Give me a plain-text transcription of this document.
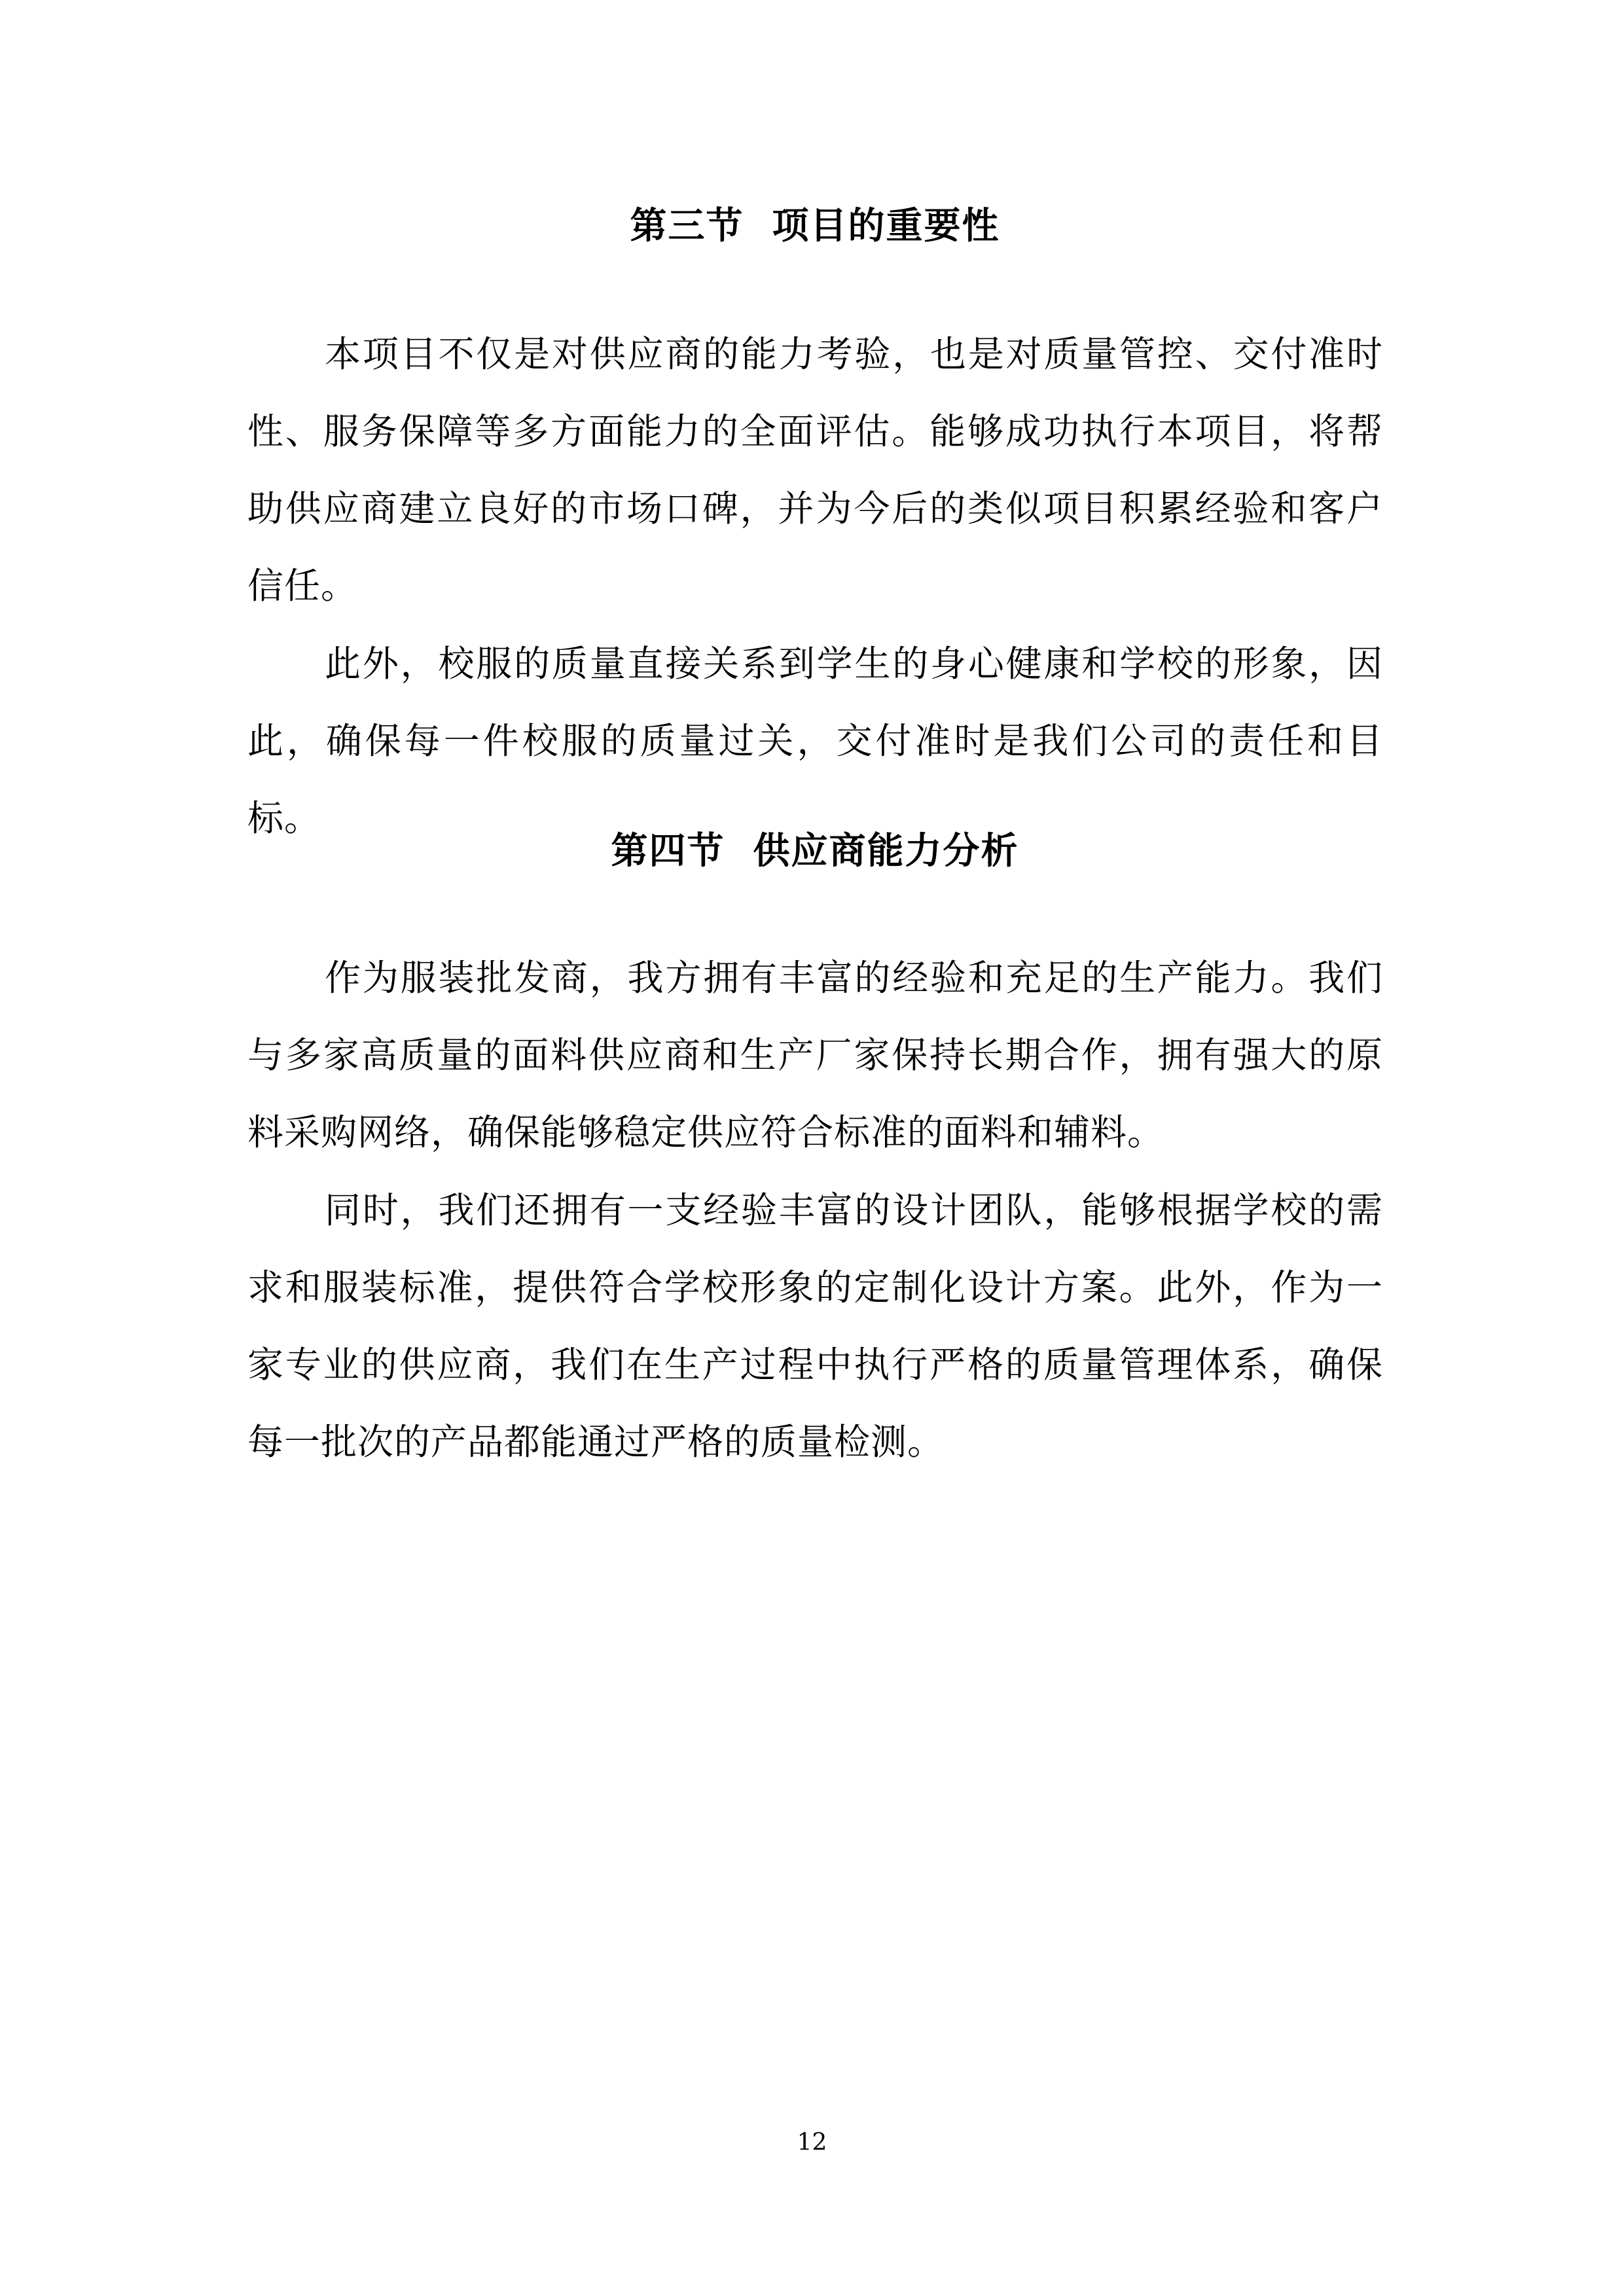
第三节  项目的重要性
本项目不仅是对供应商的能力考验，也是对质量管控、交付准时性、服务保障等多方面能力的全面评估。能够成功执行本项目，将帮助供应商建立良好的市场口碑，并为今后的类似项目积累经验和客户信任。
此外，校服的质量直接关系到学生的身心健康和学校的形象，因此，确保每一件校服的质量过关，交付准时是我们公司的责任和目标。
第四节  供应商能力分析
作为服装批发商，我方拥有丰富的经验和充足的生产能力。我们与多家高质量的面料供应商和生产厂家保持长期合作，拥有强大的原料采购网络，确保能够稳定供应符合标准的面料和辅料。
同时，我们还拥有一支经验丰富的设计团队，能够根据学校的需求和服装标准，提供符合学校形象的定制化设计方案。此外，作为一家专业的供应商，我们在生产过程中执行严格的质量管理体系，确保每一批次的产品都能通过严格的质量检测。
12
